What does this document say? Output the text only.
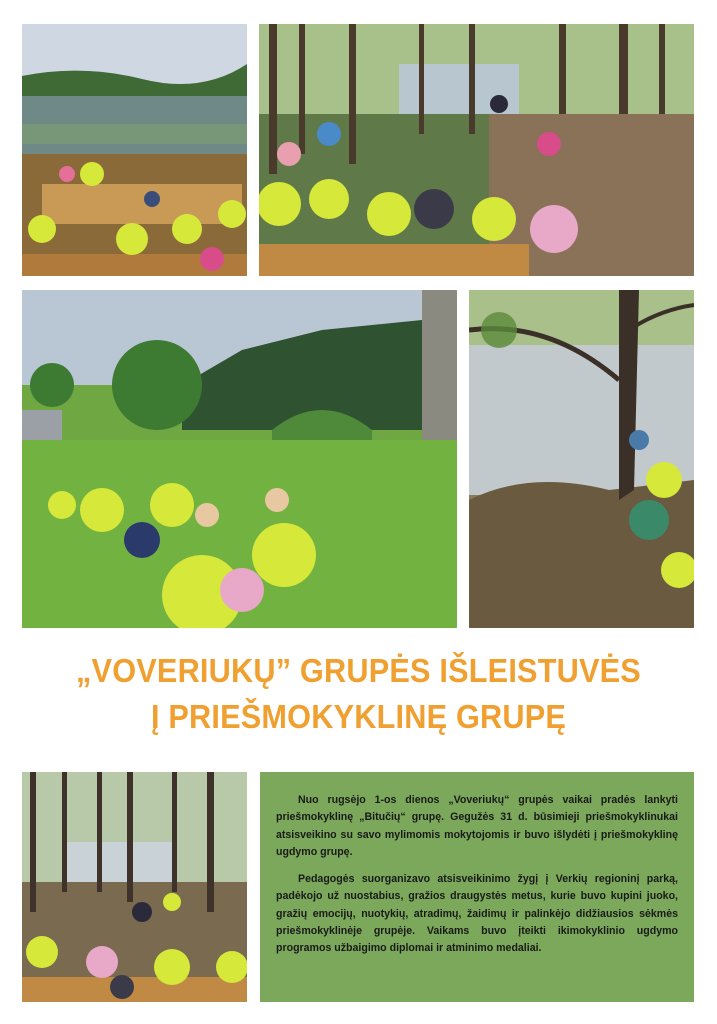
„VOVERIUKŲ” GRUPĖS IŠLEISTUVĖS
Į PRIEŠMOKYKLINĘ GRUPĘ

Nuo rugsėjo 1-os dienos „Voveriukų“ grupės vaikai pradės lankyti priešmokyklinę „Bitučių“ grupę. Gegužės 31 d. būsimieji priešmokyklinukai atsisveikino su savo mylimomis mokytojomis ir buvo išlydėti į priešmokyklinę ugdymo grupę.

Pedagogės suorganizavo atsisveikinimo žygį į Verkių regioninį parką, padėkojo už nuostabius, gražios draugystės metus, kurie buvo kupini juoko, gražių emocijų, nuotykių, atradimų, žaidimų ir palinkėjo didžiausios sėkmės priešmokyklinėje grupėje. Vaikams buvo įteikti ikimokyklinio ugdymo programos užbaigimo diplomai ir atminimo medaliai.
